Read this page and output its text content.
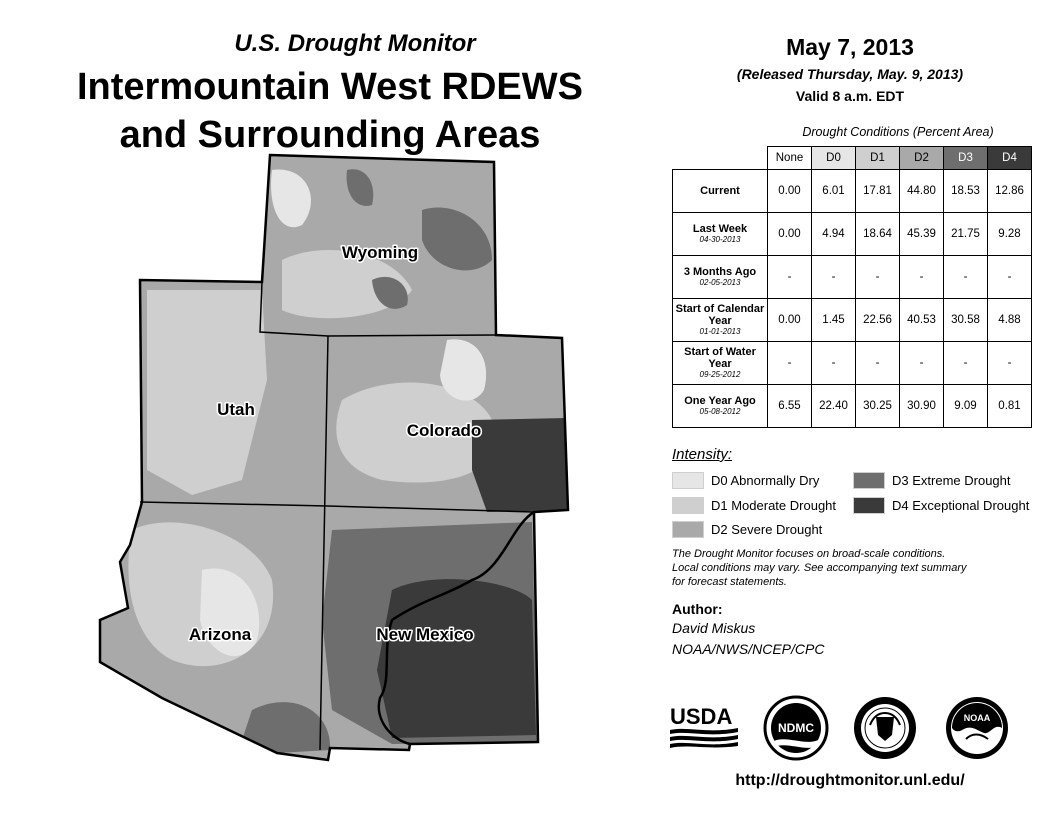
U.S. Drought Monitor
Intermountain West RDEWS
and Surrounding Areas
Wyoming
Utah
Colorado
Arizona	New Mexico
May 7, 2013
(Released Thursday, May. 9, 2013)
Valid 8 a.m. EDT
Drought Conditions (Percent Area)
	None	D0	D1	D2	D3	D4
Current	0.00	6.01	17.81	44.80	18.53	12.86
Last Week
04-30-2013	0.00	4.94	18.64	45.39	21.75	9.28
3 Months Ago
02-05-2013	-	-	-	-	-	-
Start of Calendar Year
01-01-2013	0.00	1.45	22.56	40.53	30.58	4.88
Start of Water Year
09-25-2012	-	-	-	-	-	-
One Year Ago
05-08-2012	6.55	22.40	30.25	30.90	9.09	0.81
Intensity:
D0 Abnormally Dry
D1 Moderate Drought
D2 Severe Drought
D3 Extreme Drought
D4 Exceptional Drought
The Drought Monitor focuses on broad-scale conditions.
Local conditions may vary. See accompanying text summary
for forecast statements.
Author:
David Miskus
NOAA/NWS/NCEP/CPC
USDA	NDMC
NOAA
http://droughtmonitor.unl.edu/
